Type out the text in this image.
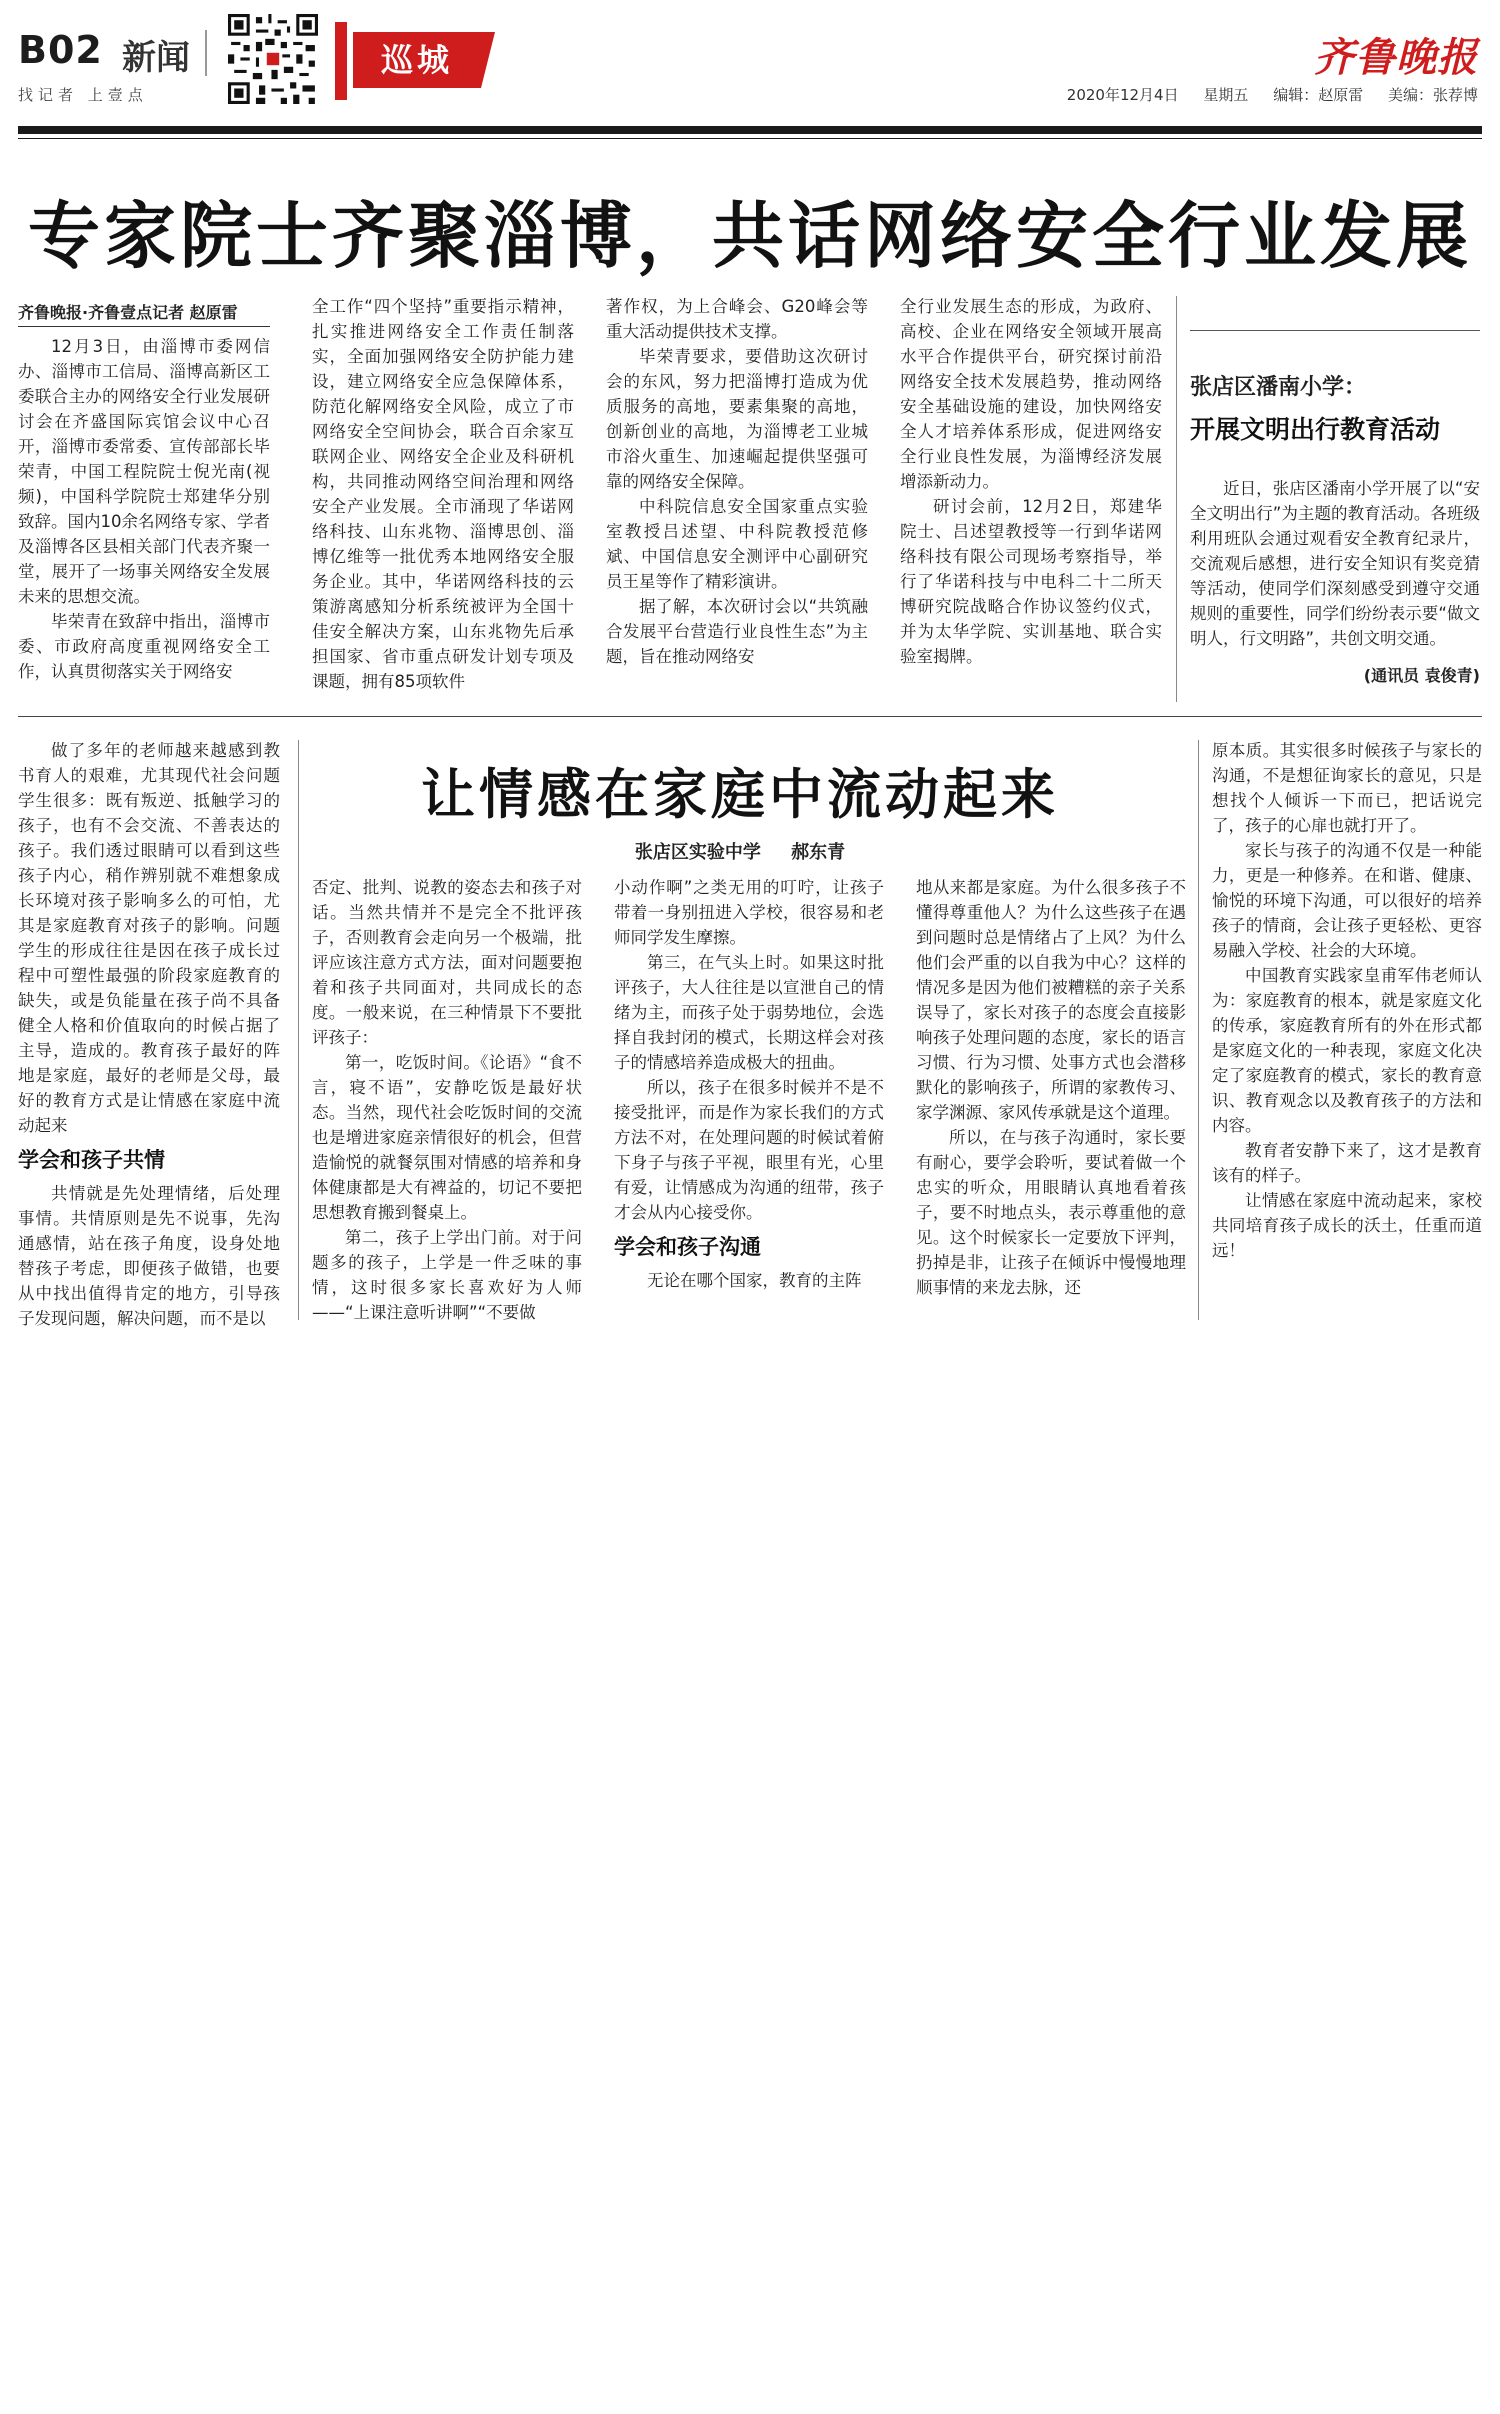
B02 新闻
找记者 上壹点
巡城	齐鲁晚报
2020年12月4日 星期五 编辑：赵原雷 美编：张荐博
专家院士齐聚淄博，共话网络安全行业发展
齐鲁晚报·齐鲁壹点记者 赵原雷

12月3日，由淄博市委网信办、淄博市工信局、淄博高新区工委联合主办的网络安全行业发展研讨会在齐盛国际宾馆会议中心召开，淄博市委常委、宣传部部长毕荣青，中国工程院院士倪光南(视频)，中国科学院院士郑建华分别致辞。国内10余名网络专家、学者及淄博各区县相关部门代表齐聚一堂，展开了一场事关网络安全发展未来的思想交流。

毕荣青在致辞中指出，淄博市委、市政府高度重视网络安全工作，认真贯彻落实关于网络安

全工作“四个坚持”重要指示精神，扎实推进网络安全工作责任制落实，全面加强网络安全防护能力建设，建立网络安全应急保障体系，防范化解网络安全风险，成立了市网络安全空间协会，联合百余家互联网企业、网络安全企业及科研机构，共同推动网络空间治理和网络安全产业发展。全市涌现了华诺网络科技、山东兆物、淄博思创、淄博亿维等一批优秀本地网络安全服务企业。其中，华诺网络科技的云策游离感知分析系统被评为全国十佳安全解决方案，山东兆物先后承担国家、省市重点研发计划专项及课题，拥有85项软件

著作权，为上合峰会、G20峰会等重大活动提供技术支撑。

毕荣青要求，要借助这次研讨会的东风，努力把淄博打造成为优质服务的高地，要素集聚的高地，创新创业的高地，为淄博老工业城市浴火重生、加速崛起提供坚强可靠的网络安全保障。

中科院信息安全国家重点实验室教授吕述望、中科院教授范修斌、中国信息安全测评中心副研究员王星等作了精彩演讲。

据了解，本次研讨会以“共筑融合发展平台营造行业良性生态”为主题，旨在推动网络安

全行业发展生态的形成，为政府、高校、企业在网络安全领域开展高水平合作提供平台，研究探讨前沿网络安全技术发展趋势，推动网络安全基础设施的建设，加快网络安全人才培养体系形成，促进网络安全行业良性发展，为淄博经济发展增添新动力。

研讨会前，12月2日，郑建华院士、吕述望教授等一行到华诺网络科技有限公司现场考察指导，举行了华诺科技与中电科二十二所天博研究院战略合作协议签约仪式，并为太华学院、实训基地、联合实验室揭牌。

张店区潘南小学：
开展文明出行教育活动

近日，张店区潘南小学开展了以“安全文明出行”为主题的教育活动。各班级利用班队会通过观看安全教育纪录片，交流观后感想，进行安全知识有奖竞猜等活动，使同学们深刻感受到遵守交通规则的重要性，同学们纷纷表示要“做文明人，行文明路”，共创文明交通。

(通讯员 袁俊青)
让情感在家庭中流动起来
张店区实验中学 郝东青

做了多年的老师越来越感到教书育人的艰难，尤其现代社会问题学生很多：既有叛逆、抵触学习的孩子，也有不会交流、不善表达的孩子。我们透过眼睛可以看到这些孩子内心，稍作辨别就不难想象成长环境对孩子影响多么的可怕，尤其是家庭教育对孩子的影响。问题学生的形成往往是因在孩子成长过程中可塑性最强的阶段家庭教育的缺失，或是负能量在孩子尚不具备健全人格和价值取向的时候占据了主导，造成的。教育孩子最好的阵地是家庭，最好的老师是父母，最好的教育方式是让情感在家庭中流动起来

学会和孩子共情

共情就是先处理情绪，后处理事情。共情原则是先不说事，先沟通感情，站在孩子角度，设身处地替孩子考虑，即便孩子做错，也要从中找出值得肯定的地方，引导孩子发现问题，解决问题，而不是以

否定、批判、说教的姿态去和孩子对话。当然共情并不是完全不批评孩子，否则教育会走向另一个极端，批评应该注意方式方法，面对问题要抱着和孩子共同面对，共同成长的态度。一般来说，在三种情景下不要批评孩子：

第一，吃饭时间。《论语》“食不言，寝不语”，安静吃饭是最好状态。当然，现代社会吃饭时间的交流也是增进家庭亲情很好的机会，但营造愉悦的就餐氛围对情感的培养和身体健康都是大有裨益的，切记不要把思想教育搬到餐桌上。

第二，孩子上学出门前。对于问题多的孩子，上学是一件乏味的事情，这时很多家长喜欢好为人师——“上课注意听讲啊”“不要做

小动作啊”之类无用的叮咛，让孩子带着一身别扭进入学校，很容易和老师同学发生摩擦。

第三，在气头上时。如果这时批评孩子，大人往往是以宣泄自己的情绪为主，而孩子处于弱势地位，会选择自我封闭的模式，长期这样会对孩子的情感培养造成极大的扭曲。

所以，孩子在很多时候并不是不接受批评，而是作为家长我们的方式方法不对，在处理问题的时候试着俯下身子与孩子平视，眼里有光，心里有爱，让情感成为沟通的纽带，孩子才会从内心接受你。

学会和孩子沟通

无论在哪个国家，教育的主阵

地从来都是家庭。为什么很多孩子不懂得尊重他人？为什么这些孩子在遇到问题时总是情绪占了上风？为什么他们会严重的以自我为中心？这样的情况多是因为他们被糟糕的亲子关系误导了，家长对孩子的态度会直接影响孩子处理问题的态度，家长的语言习惯、行为习惯、处事方式也会潜移默化的影响孩子，所谓的家教传习、家学渊源、家风传承就是这个道理。

所以，在与孩子沟通时，家长要有耐心，要学会聆听，要试着做一个忠实的听众，用眼睛认真地看着孩子，要不时地点头，表示尊重他的意见。这个时候家长一定要放下评判，扔掉是非，让孩子在倾诉中慢慢地理顺事情的来龙去脉，还

原本质。其实很多时候孩子与家长的沟通，不是想征询家长的意见，只是想找个人倾诉一下而已，把话说完了，孩子的心扉也就打开了。

家长与孩子的沟通不仅是一种能力，更是一种修养。在和谐、健康、愉悦的环境下沟通，可以很好的培养孩子的情商，会让孩子更轻松、更容易融入学校、社会的大环境。

中国教育实践家皇甫军伟老师认为：家庭教育的根本，就是家庭文化的传承，家庭教育所有的外在形式都是家庭文化的一种表现，家庭文化决定了家庭教育的模式，家长的教育意识、教育观念以及教育孩子的方法和内容。

教育者安静下来了，这才是教育该有的样子。

让情感在家庭中流动起来，家校共同培育孩子成长的沃土，任重而道远！
